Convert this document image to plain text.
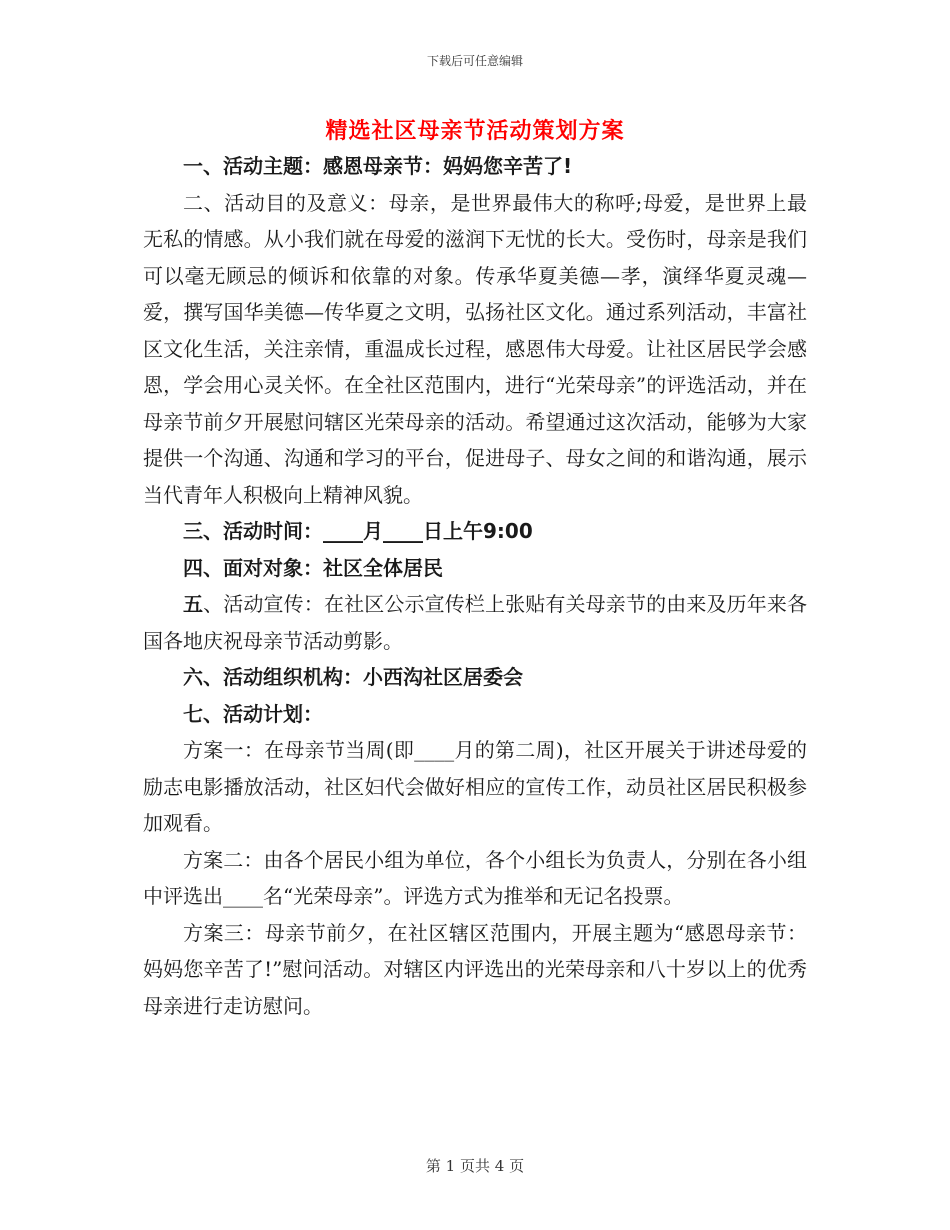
下载后可任意编辑
精选社区母亲节活动策划方案

一、活动主题：感恩母亲节：妈妈您辛苦了!

二、活动目的及意义：母亲，是世界最伟大的称呼;母爱，是世界上最无私的情感。从小我们就在母爱的滋润下无忧的长大。受伤时，母亲是我们可以毫无顾忌的倾诉和依靠的对象。传承华夏美德—孝，演绎华夏灵魂—爱，撰写国华美德—传华夏之文明，弘扬社区文化。通过系列活动，丰富社区文化生活，关注亲情，重温成长过程，感恩伟大母爱。让社区居民学会感恩，学会用心灵关怀。在全社区范围内，进行“光荣母亲”的评选活动，并在母亲节前夕开展慰问辖区光荣母亲的活动。希望通过这次活动，能够为大家提供一个沟通、沟通和学习的平台，促进母子、母女之间的和谐沟通，展示当代青年人积极向上精神风貌。

三、活动时间：____月____日上午9:00

四、面对对象：社区全体居民

五、活动宣传：在社区公示宣传栏上张贴有关母亲节的由来及历年来各国各地庆祝母亲节活动剪影。

六、活动组织机构：小西沟社区居委会

七、活动计划：

方案一：在母亲节当周(即____月的第二周)，社区开展关于讲述母爱的励志电影播放活动，社区妇代会做好相应的宣传工作，动员社区居民积极参加观看。

方案二：由各个居民小组为单位，各个小组长为负责人，分别在各小组中评选出____名“光荣母亲”。评选方式为推举和无记名投票。

方案三：母亲节前夕，在社区辖区范围内，开展主题为“感恩母亲节：妈妈您辛苦了!”慰问活动。对辖区内评选出的光荣母亲和八十岁以上的优秀母亲进行走访慰问。

第 1 页共 4 页
